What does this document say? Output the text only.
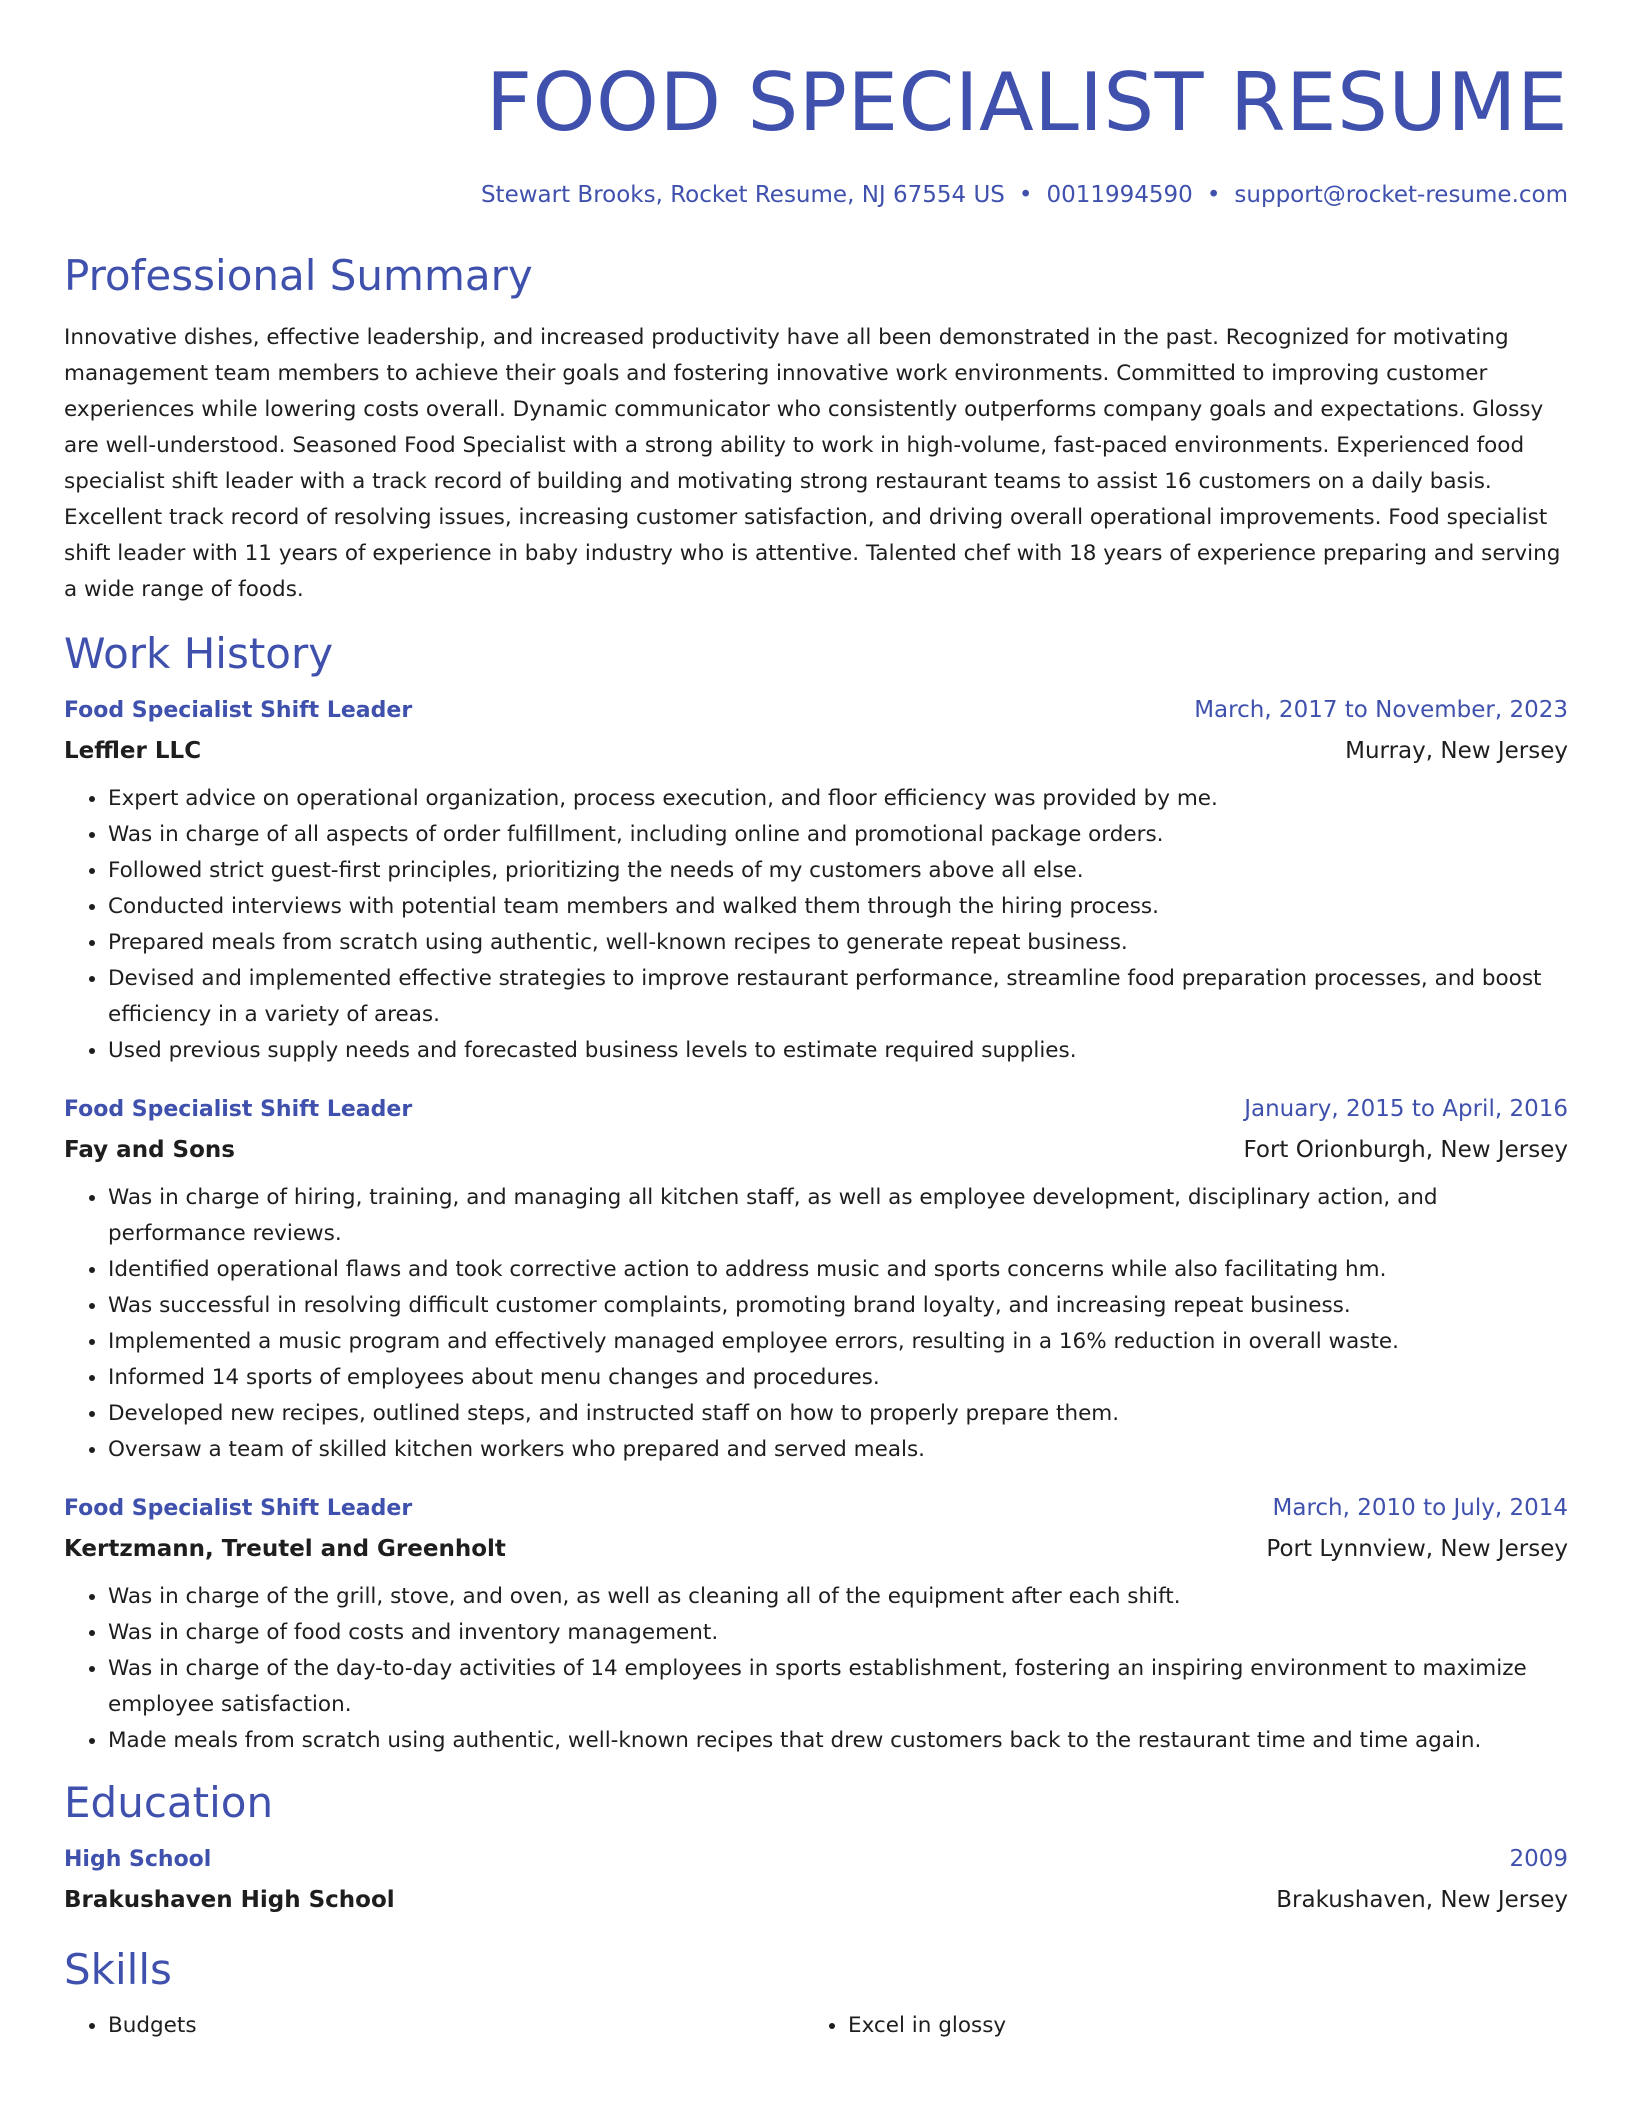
FOOD SPECIALIST RESUME
Stewart Brooks, Rocket Resume, NJ 67554 US • 0011994590 • support@rocket-resume.com
Professional Summary

Innovative dishes, effective leadership, and increased productivity have all been demonstrated in the past. Recognized for motivating management team members to achieve their goals and fostering innovative work environments. Committed to improving customer experiences while lowering costs overall. Dynamic communicator who consistently outperforms company goals and expectations. Glossy are well-understood. Seasoned Food Specialist with a strong ability to work in high-volume, fast-paced environments. Experienced food specialist shift leader with a track record of building and motivating strong restaurant teams to assist 16 customers on a daily basis. Excellent track record of resolving issues, increasing customer satisfaction, and driving overall operational improvements. Food specialist shift leader with 11 years of experience in baby industry who is attentive. Talented chef with 18 years of experience preparing and serving a wide range of foods.

Work History
Food Specialist Shift Leader	March, 2017 to November, 2023
Leffler LLC	Murray, New Jersey
• Expert advice on operational organization, process execution, and floor efficiency was provided by me.
• Was in charge of all aspects of order fulfillment, including online and promotional package orders.
• Followed strict guest-first principles, prioritizing the needs of my customers above all else.
• Conducted interviews with potential team members and walked them through the hiring process.
• Prepared meals from scratch using authentic, well-known recipes to generate repeat business.
• Devised and implemented effective strategies to improve restaurant performance, streamline food preparation processes, and boost efficiency in a variety of areas.
• Used previous supply needs and forecasted business levels to estimate required supplies.
Food Specialist Shift Leader	January, 2015 to April, 2016
Fay and Sons	Fort Orionburgh, New Jersey
• Was in charge of hiring, training, and managing all kitchen staff, as well as employee development, disciplinary action, and performance reviews.
• Identified operational flaws and took corrective action to address music and sports concerns while also facilitating hm.
• Was successful in resolving difficult customer complaints, promoting brand loyalty, and increasing repeat business.
• Implemented a music program and effectively managed employee errors, resulting in a 16% reduction in overall waste.
• Informed 14 sports of employees about menu changes and procedures.
• Developed new recipes, outlined steps, and instructed staff on how to properly prepare them.
• Oversaw a team of skilled kitchen workers who prepared and served meals.
Food Specialist Shift Leader	March, 2010 to July, 2014
Kertzmann, Treutel and Greenholt	Port Lynnview, New Jersey
• Was in charge of the grill, stove, and oven, as well as cleaning all of the equipment after each shift.
• Was in charge of food costs and inventory management.
• Was in charge of the day-to-day activities of 14 employees in sports establishment, fostering an inspiring environment to maximize employee satisfaction.
• Made meals from scratch using authentic, well-known recipes that drew customers back to the restaurant time and time again.
Education
High School	2009
Brakushaven High School	Brakushaven, New Jersey
Skills
• Budgets
•	Excel in glossy
